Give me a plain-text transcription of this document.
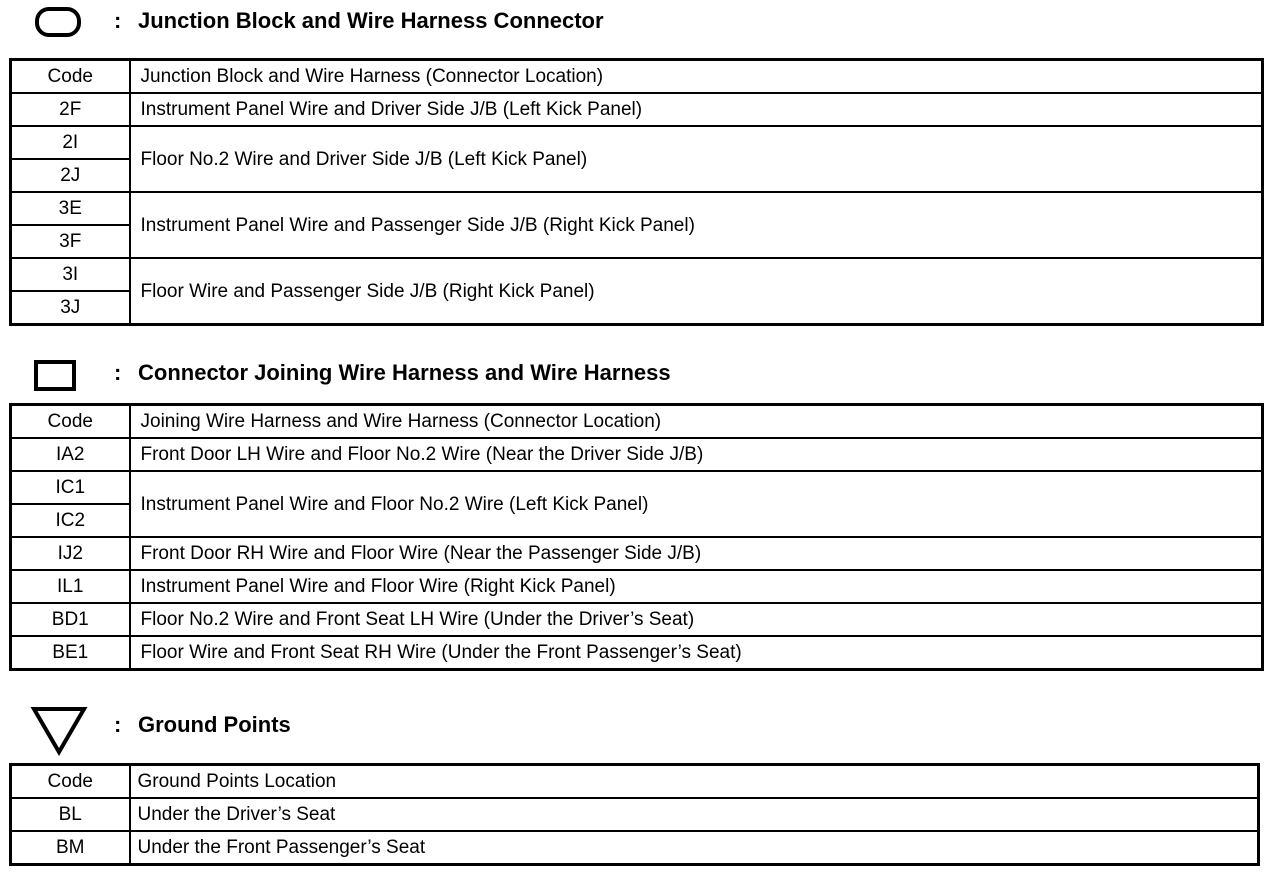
: Junction Block and Wire Harness Connector
Code	Junction Block and Wire Harness (Connector Location)
2F	Instrument Panel Wire and Driver Side J/B (Left Kick Panel)
2I	Floor No.2 Wire and Driver Side J/B (Left Kick Panel)
2J	
3E	Instrument Panel Wire and Passenger Side J/B (Right Kick Panel)
3F	
3I	Floor Wire and Passenger Side J/B (Right Kick Panel)
3J	
: Connector Joining Wire Harness and Wire Harness
Code	Joining Wire Harness and Wire Harness (Connector Location)
IA2	Front Door LH Wire and Floor No.2 Wire (Near the Driver Side J/B)
IC1	Instrument Panel Wire and Floor No.2 Wire (Left Kick Panel)
IC2	
IJ2	Front Door RH Wire and Floor Wire (Near the Passenger Side J/B)
IL1	Instrument Panel Wire and Floor Wire (Right Kick Panel)
BD1	Floor No.2 Wire and Front Seat LH Wire (Under the Driver’s Seat)
BE1	Floor Wire and Front Seat RH Wire (Under the Front Passenger’s Seat)
: Ground Points
Code	Ground Points Location
BL	Under the Driver’s Seat
BM	Under the Front Passenger’s Seat
